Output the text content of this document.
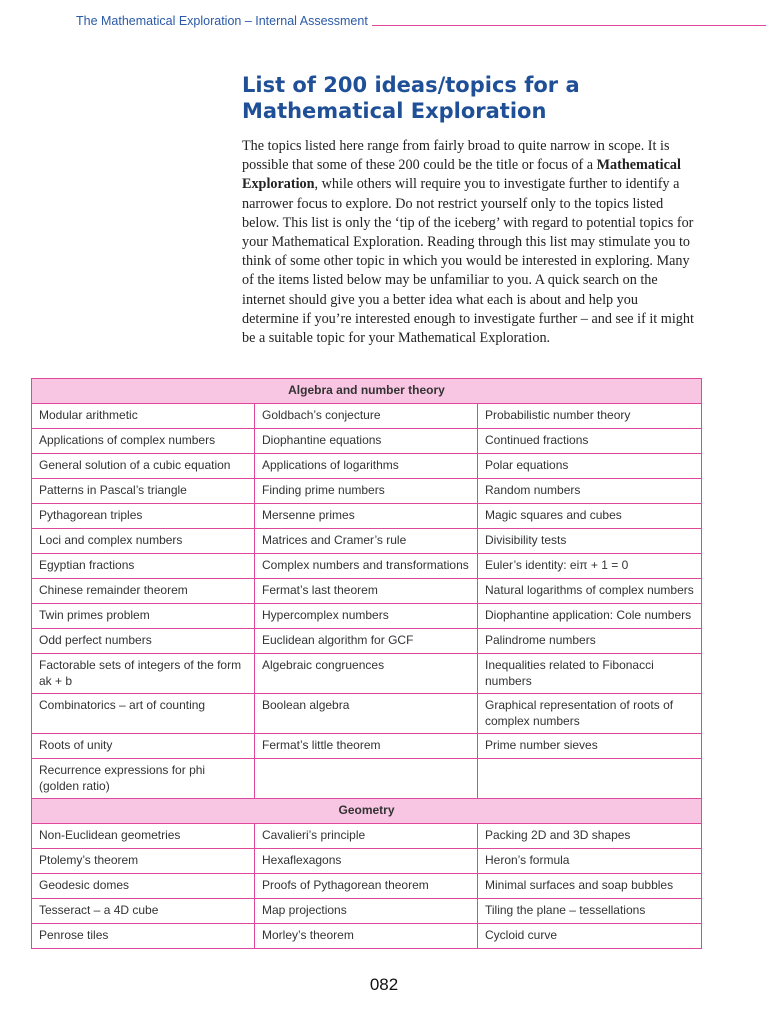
The Mathematical Exploration – Internal Assessment
List of 200 ideas/topics for a Mathematical Exploration

The topics listed here range from fairly broad to quite narrow in scope. It is possible that some of these 200 could be the title or focus of a Mathematical Exploration, while others will require you to investigate further to identify a narrower focus to explore. Do not restrict yourself only to the topics listed below. This list is only the ‘tip of the iceberg’ with regard to potential topics for your Mathematical Exploration. Reading through this list may stimulate you to think of some other topic in which you would be interested in exploring. Many of the items listed below may be unfamiliar to you. A quick search on the internet should give you a better idea what each is about and help you determine if you’re interested enough to investigate further – and see if it might be a suitable topic for your Mathematical Exploration.

Algebra and number theory		
Modular arithmetic	Goldbach’s conjecture	Probabilistic number theory
Applications of complex numbers	Diophantine equations	Continued fractions
General solution of a cubic equation	Applications of logarithms	Polar equations
Patterns in Pascal’s triangle	Finding prime numbers	Random numbers
Pythagorean triples	Mersenne primes	Magic squares and cubes
Loci and complex numbers	Matrices and Cramer’s rule	Divisibility tests
Egyptian fractions	Complex numbers and transformations	Euler’s identity: eiπ + 1 = 0
Chinese remainder theorem	Fermat’s last theorem	Natural logarithms of complex numbers
Twin primes problem	Hypercomplex numbers	Diophantine application: Cole numbers
Odd perfect numbers	Euclidean algorithm for GCF	Palindrome numbers
Factorable sets of integers of the form ak + b	Algebraic congruences	Inequalities related to Fibonacci numbers
Combinatorics – art of counting	Boolean algebra	Graphical representation of roots of complex numbers
Roots of unity	Fermat’s little theorem	Prime number sieves
Recurrence expressions for phi (golden ratio)		
Geometry		
Non-Euclidean geometries	Cavalieri’s principle	Packing 2D and 3D shapes
Ptolemy’s theorem	Hexaflexagons	Heron’s formula
Geodesic domes	Proofs of Pythagorean theorem	Minimal surfaces and soap bubbles
Tesseract – a 4D cube	Map projections	Tiling the plane – tessellations
Penrose tiles	Morley’s theorem	Cycloid curve
082
